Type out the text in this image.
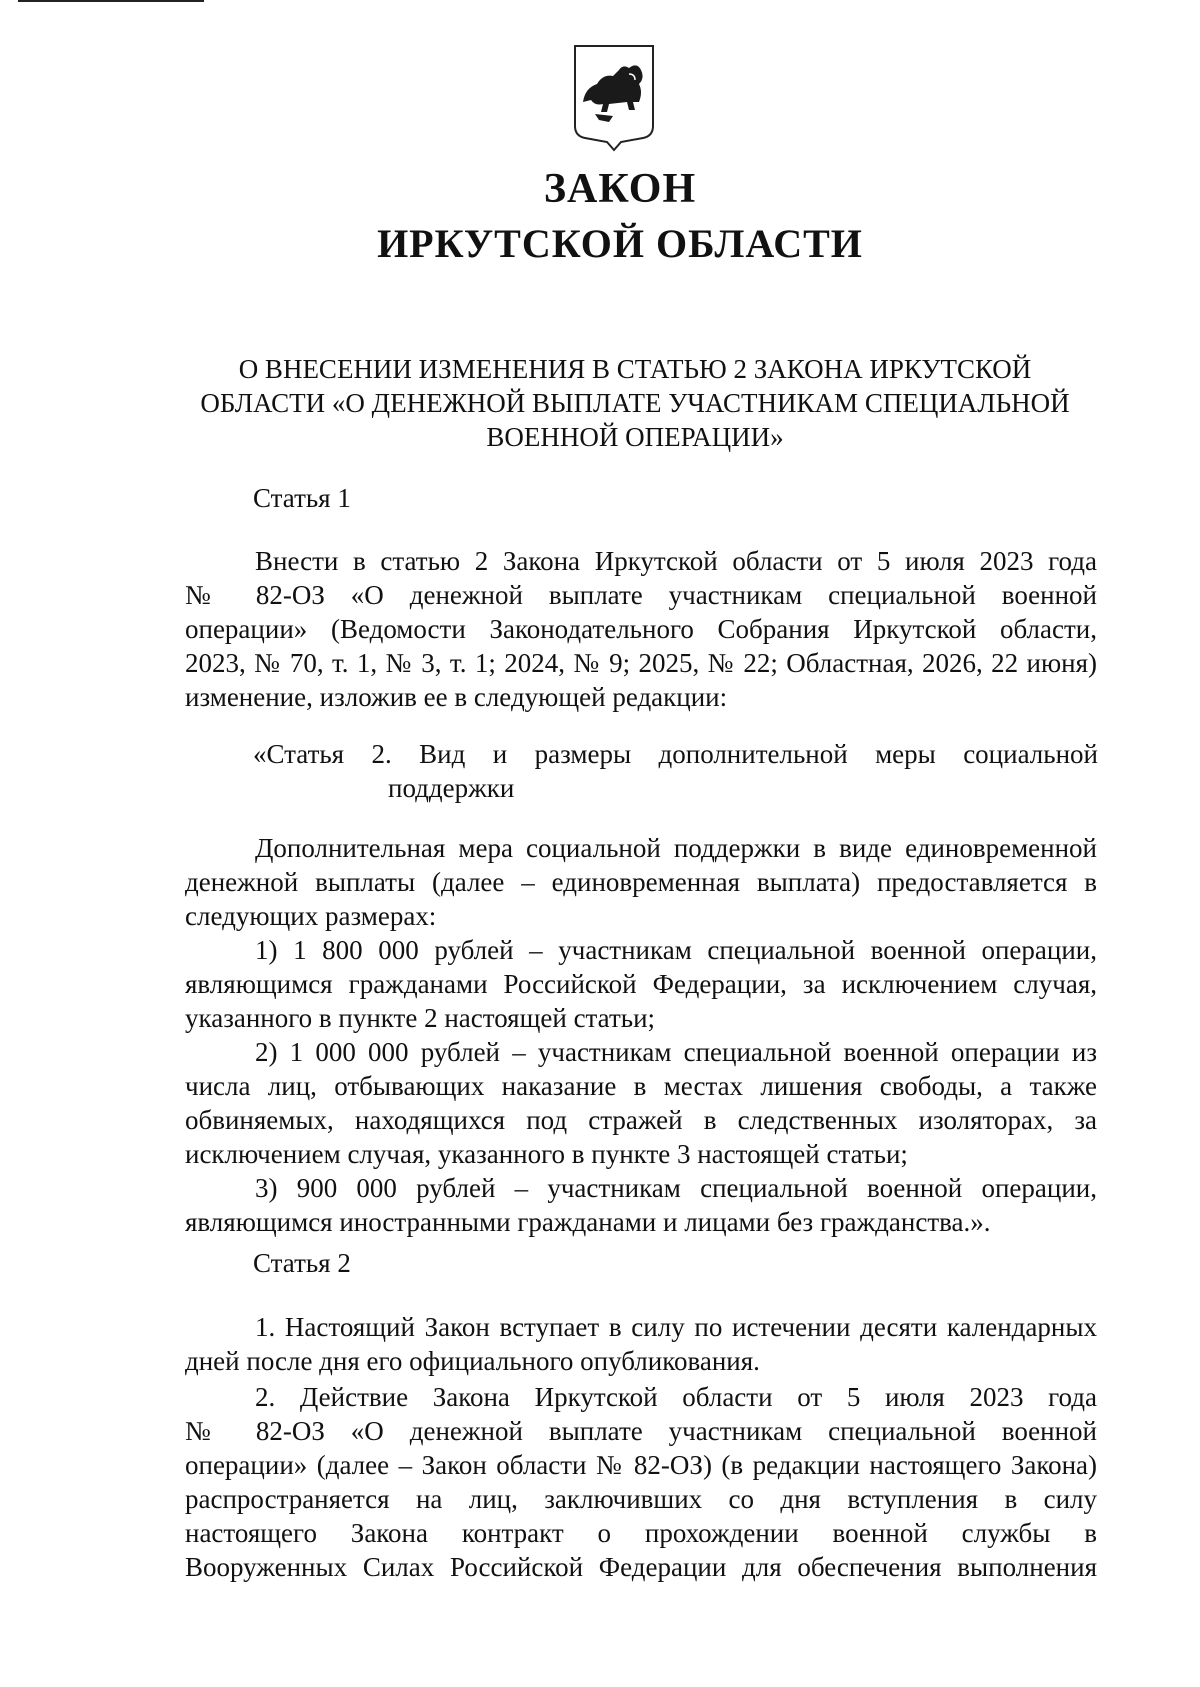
ЗАКОН
ИРКУТСКОЙ ОБЛАСТИ
О ВНЕСЕНИИ ИЗМЕНЕНИЯ В СТАТЬЮ 2 ЗАКОНА ИРКУТСКОЙ
ОБЛАСТИ «О ДЕНЕЖНОЙ ВЫПЛАТЕ УЧАСТНИКАМ СПЕЦИАЛЬНОЙ
ВОЕННОЙ ОПЕРАЦИИ»
Статья 1
Внести в статью 2 Закона Иркутской области от 5 июля 2023 года
№ 82-ОЗ «О денежной выплате участникам специальной военной
операции» (Ведомости Законодательного Собрания Иркутской области,
2023, № 70, т. 1, № 3, т. 1; 2024, № 9; 2025, № 22; Областная, 2026, 22 июня)
изменение, изложив ее в следующей редакции:
«Статья 2. Вид и размеры дополнительной меры социальной
поддержки
Дополнительная мера социальной поддержки в виде единовременной
денежной выплаты (далее – единовременная выплата) предоставляется в
следующих размерах:
1) 1 800 000 рублей – участникам специальной военной операции,
являющимся гражданами Российской Федерации, за исключением случая,
указанного в пункте 2 настоящей статьи;
2) 1 000 000 рублей – участникам специальной военной операции из
числа лиц, отбывающих наказание в местах лишения свободы, а также
обвиняемых, находящихся под стражей в следственных изоляторах, за
исключением случая, указанного в пункте 3 настоящей статьи;
3) 900 000 рублей – участникам специальной военной операции,
являющимся иностранными гражданами и лицами без гражданства.».
Статья 2
1. Настоящий Закон вступает в силу по истечении десяти календарных
дней после дня его официального опубликования.
2. Действие Закона Иркутской области от 5 июля 2023 года
№ 82-ОЗ «О денежной выплате участникам специальной военной
операции» (далее – Закон области № 82-ОЗ) (в редакции настоящего Закона)
распространяется на лиц, заключивших со дня вступления в силу
настоящего Закона контракт о прохождении военной службы в
Вооруженных Силах Российской Федерации для обеспечения выполнения
